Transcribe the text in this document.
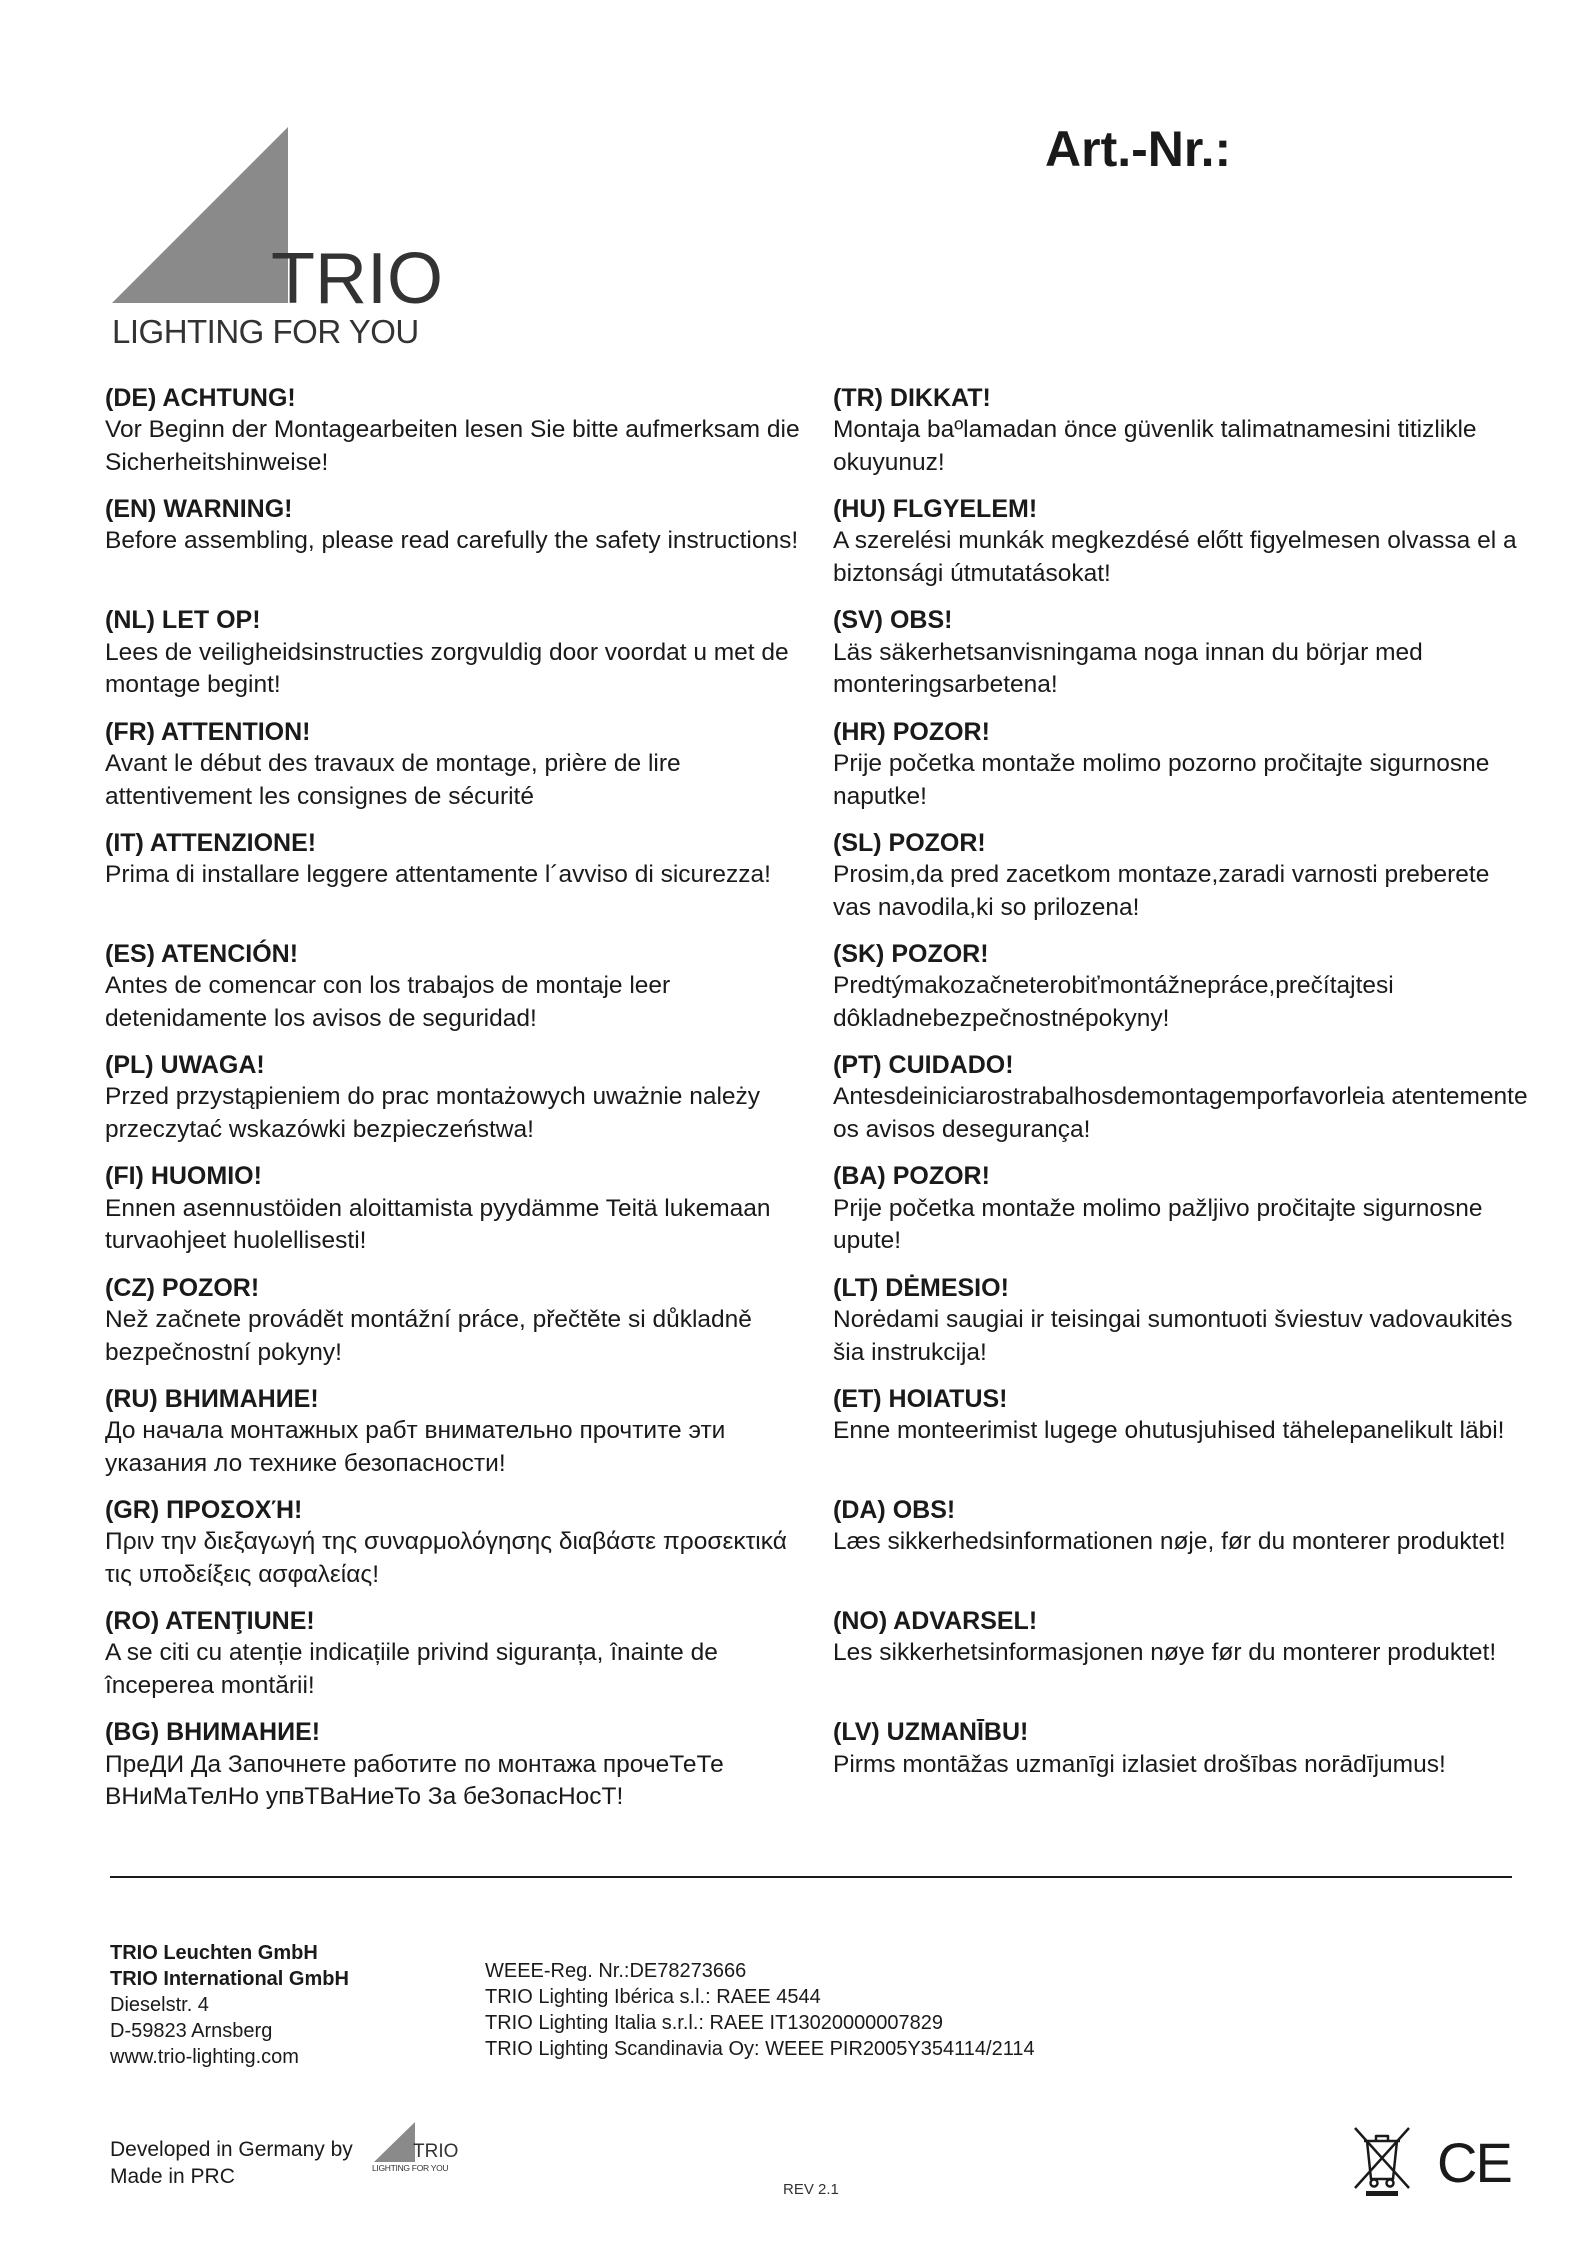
TRIO
LIGHTING FOR YOU
Art.-Nr.:
(DE) ACHTUNG!
Vor Beginn der Montagearbeiten lesen Sie bitte aufmerksam die Sicherheitshinweise!
(EN) WARNING!
Before assembling, please read carefully the safety instructions!
(NL) LET OP!
Lees de veiligheidsinstructies zorgvuldig door voordat u met de montage begint!
(FR) ATTENTION!
Avant le début des travaux de montage, prière de lire attentivement les consignes de sécurité
(IT) ATTENZIONE!
Prima di installare leggere attentamente l´avviso di sicurezza!
(ES) ATENCIÓN!
Antes de comencar con los trabajos de montaje leer detenidamente los avisos de seguridad!
(PL) UWAGA!
Przed przystąpieniem do prac montażowych uważnie należy przeczytać wskazówki bezpieczeństwa!
(FI) HUOMIO!
Ennen asennustöiden aloittamista pyydämme Teitä lukemaan turvaohjeet huolellisesti!
(CZ) POZOR!
Než začnete provádět montážní práce, přečtěte si důkladně bezpečnostní pokyny!
(RU) ВНИМАНИЕ!
До начала монтажных рабт внимательно прочтите эти указания ло технике безопасности!
(GR) ΠΡΟΣΟΧΉ!
Πριν την διεξαγωγή της συναρμολόγησης διαβάστε προσεκτικά τις υποδείξεις ασφαλείας!
(RO) ATENŢIUNE!
A se citi cu atenție indicațiile privind siguranța, înainte de începerea montării!
(BG) ВНИМАНИЕ!
ПреДИ Да Започнете работите по монтажа прочеТеТе ВНиМаТелНо упвТВаНиеТо За беЗопасНосТ!
(TR) DIKKAT!
Montaja baºlamadan önce güvenlik talimatnamesini titizlikle okuyunuz!
(HU) FLGYELEM!
A szerelési munkák megkezdésé előtt figyelmesen olvassa el a biztonsági útmutatásokat!
(SV) OBS!
Läs säkerhetsanvisningama noga innan du börjar med monteringsarbetena!
(HR) POZOR!
Prije početka montaže molimo pozorno pročitajte sigurnosne naputke!
(SL) POZOR!
Prosim,da pred zacetkom montaze,zaradi varnosti preberete vas navodila,ki so prilozena!
(SK) POZOR!
Predtýmakozačneterobiťmontážnepráce,prečítajtesi dôkladnebezpečnostnépokyny!
(PT) CUIDADO!
Antesdeiniciarostrabalhosdemontagemporfavorleia atentemente os avisos desegurança!
(BA) POZOR!
Prije početka montaže molimo pažljivo pročitajte sigurnosne upute!
(LT) DĖMESIO!
Norėdami saugiai ir teisingai sumontuoti šviestuv vadovaukitės šia instrukcija!
(ET) HOIATUS!
Enne monteerimist lugege ohutusjuhised tähelepanelikult läbi!
(DA) OBS!
Læs sikkerhedsinformationen nøje, før du monterer produktet!
(NO) ADVARSEL!
Les sikkerhetsinformasjonen nøye før du monterer produktet!
(LV) UZMANĪBU!
Pirms montāžas uzmanīgi izlasiet drošības norādījumus!
TRIO Leuchten GmbH
TRIO International GmbH
Dieselstr. 4
D-59823 Arnsberg
www.trio-lighting.com
WEEE-Reg. Nr.:DE78273666
TRIO Lighting Ibérica s.l.: RAEE 4544
TRIO Lighting Italia s.r.l.: RAEE IT13020000007829
TRIO Lighting Scandinavia Oy: WEEE PIR2005Y354114/2114
Developed in Germany by
Made in PRC
TRIO
LIGHTING FOR YOU
REV 2.1	CE
